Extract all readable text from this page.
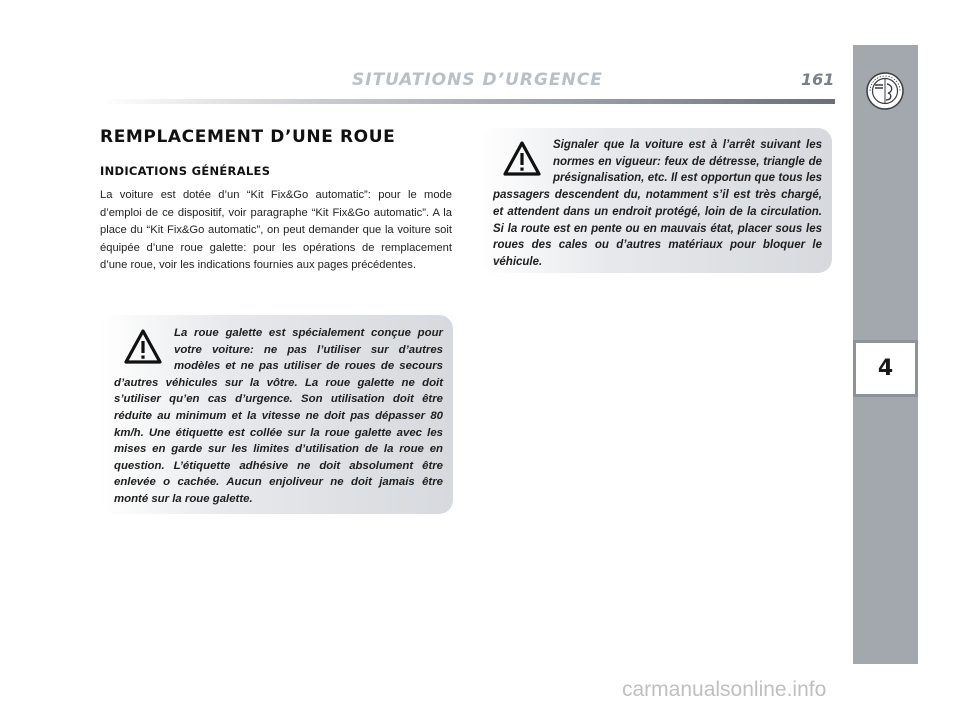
SITUATIONS D’URGENCE	161
4
REMPLACEMENT D’UNE ROUE
INDICATIONS GÉNÉRALES
La voiture est dotée d’un “Kit Fix&Go automatic”: pour le mode d’emploi de ce dispositif, voir paragraphe “Kit Fix&Go automatic”. A la place du “Kit Fix&Go automatic”, on peut demander que la voiture soit équipée d’une roue galette: pour les opérations de remplacement d’une roue, voir les indications fournies aux pages précédentes.

La roue galette est spécialement conçue pour votre voiture: ne pas l’utiliser sur d’autres modèles et ne pas utiliser de roues de secours d’autres véhicules sur la vôtre. La roue galette ne doit s’utiliser qu’en cas d’urgence. Son utilisation doit être réduite au minimum et la vitesse ne doit pas dépasser 80 km/h. Une étiquette est collée sur la roue galette avec les mises en garde sur les limites d’utilisation de la roue en question. L’étiquette adhésive ne doit absolument être enlevée o cachée. Aucun enjoliveur ne doit jamais être monté sur la roue galette.

Signaler que la voiture est à l’arrêt suivant les normes en vigueur: feux de détresse, triangle de présignalisation, etc. Il est opportun que tous les passagers descendent du, notamment s’il est très chargé, et attendent dans un endroit protégé, loin de la circulation. Si la route est en pente ou en mauvais état, placer sous les roues des cales ou d’autres matériaux pour bloquer le véhicule.

carmanualsonline.info
